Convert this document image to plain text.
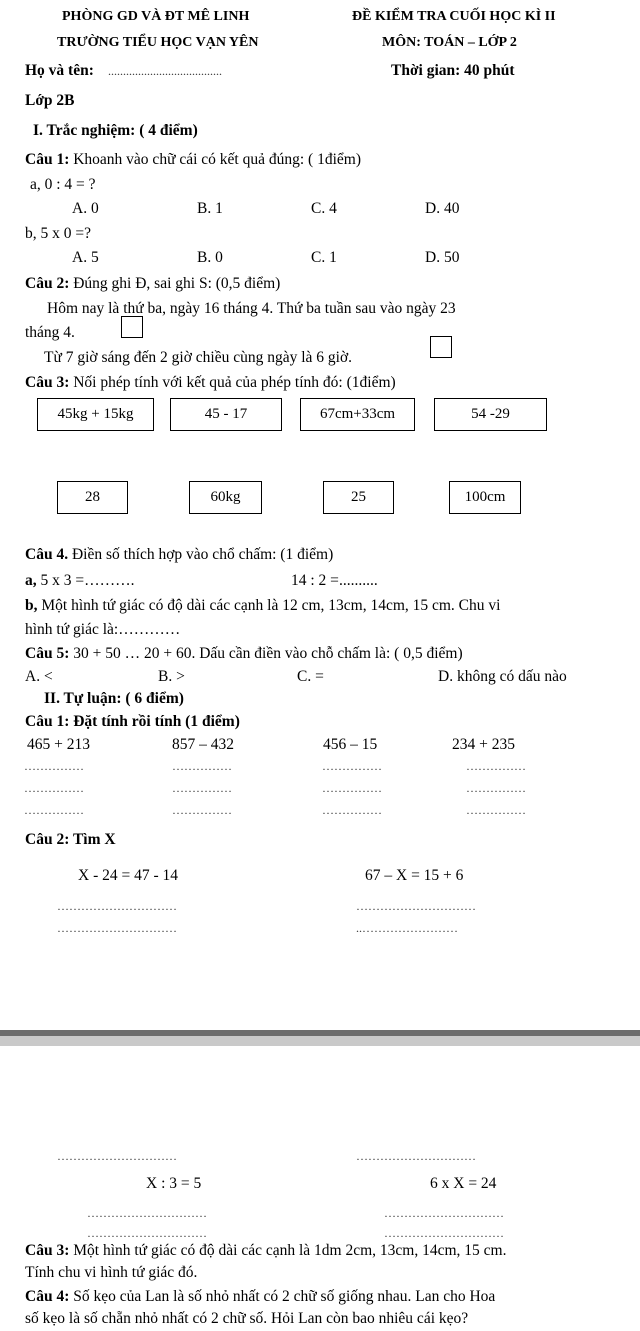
PHÒNG GD VÀ ĐT MÊ LINH
TRƯỜNG TIỂU HỌC VẠN YÊN
ĐỀ KIỂM TRA CUỐI HỌC KÌ II
MÔN: TOÁN – LỚP 2
Họ và tên: ......................................	Thời gian: 40 phút
Lớp 2B
I. Trắc nghiệm: ( 4 điểm)
Câu 1: Khoanh vào chữ cái có kết quả đúng: ( 1điểm)
a, 0 : 4 = ?
A. 0	B. 1	C. 4	D. 40
b, 5 x 0 =?
A. 5	B. 0	C. 1	D. 50
Câu 2: Đúng ghi Đ, sai ghi S: (0,5 điểm)
Hôm nay là thứ ba, ngày 16 tháng 4. Thứ ba tuần sau vào ngày 23
tháng 4.
Từ 7 giờ sáng đến 2 giờ chiều cùng ngày là 6 giờ.
Câu 3: Nối phép tính với kết quả của phép tính đó: (1điểm)
45kg + 15kg	45 - 17	67cm+33cm	54 -29
28	60kg	25	100cm
Câu 4. Điền số thích hợp vào chổ chấm: (1 điểm)
a, 5 x 3 =……….	14 : 2 =..........
b, Một hình tứ giác có độ dài các cạnh là 12 cm, 13cm, 14cm, 15 cm. Chu vi
hình tứ giác là:…………
Câu 5: 30 + 50 … 20 + 60. Dấu cần điền vào chỗ chấm là: ( 0,5 điểm)
A. <	B. >	C. =	D. không có dấu nào
II. Tự luận: ( 6 điểm)
Câu 1: Đặt tính rồi tính (1 điểm)
465 + 213	857 – 432	456 – 15	234 + 235
……………	……………	……………	……………
……………	……………	……………	……………
……………	……………	……………	……………
Câu 2: Tìm X
X - 24 = 47 - 14	67 – X = 15 + 6
…………………………	…………………………
…………………………	..……………………
…………………………	…………………………
X : 3 = 5	6 x X = 24
…………………………	…………………………
…………………………	…………………………
Câu 3: Một hình tứ giác có độ dài các cạnh là 1dm 2cm, 13cm, 14cm, 15 cm.
Tính chu vi hình tứ giác đó.
Câu 4: Số kẹo của Lan là số nhỏ nhất có 2 chữ số giống nhau. Lan cho Hoa
số kẹo là số chẵn nhỏ nhất có 2 chữ số. Hỏi Lan còn bao nhiêu cái kẹo?
